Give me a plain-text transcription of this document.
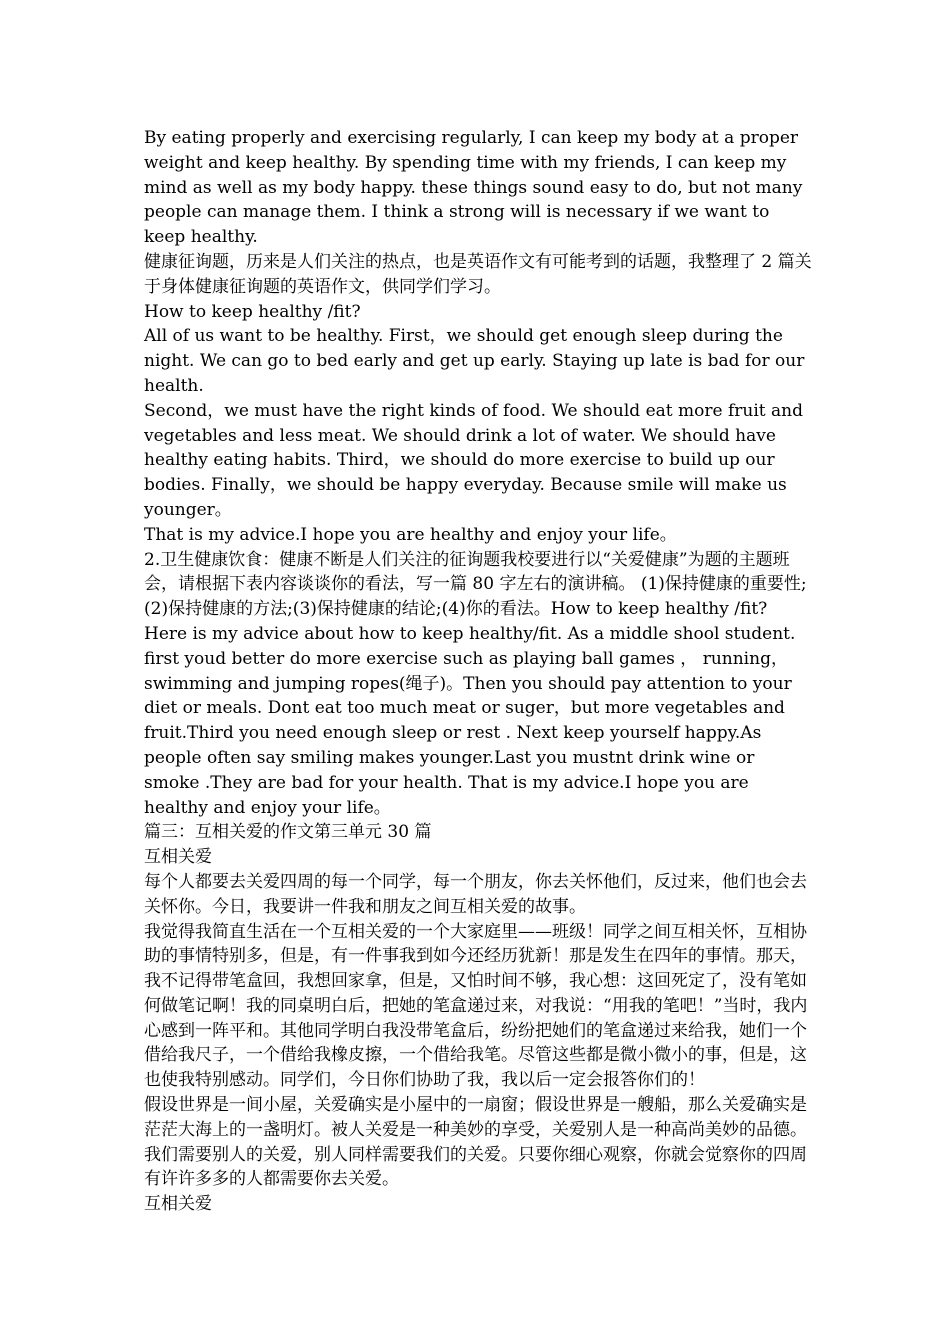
By eating properly and exercising regularly, I can keep my body at a proper weight and keep healthy. By spending time with my friends, I can keep my mind as well as my body happy. these things sound easy to do, but not many people can manage them. I think a strong will is necessary if we want to keep healthy.

健康征询题，历来是人们关注的热点，也是英语作文有可能考到的话题，我整理了 2 篇关于身体健康征询题的英语作文，供同学们学习。

How to keep healthy /fit?

All of us want to be healthy. First，we should get enough sleep during the night. We can go to bed early and get up early. Staying up late is bad for our health.

Second，we must have the right kinds of food. We should eat more fruit and vegetables and less meat. We should drink a lot of water. We should have healthy eating habits. Third，we should do more exercise to build up our bodies. Finally，we should be happy everyday. Because smile will make us younger。

That is my advice.I hope you are healthy and enjoy your life。

2.卫生健康饮食：健康不断是人们关注的征询题我校要进行以“关爱健康”为题的主题班会，请根据下表内容谈谈你的看法，写一篇 80 字左右的演讲稿。 (1)保持健康的重要性;(2)保持健康的方法;(3)保持健康的结论;(4)你的看法。How to keep healthy /fit?

Here is my advice about how to keep healthy/fit. As a middle shool student. first youd better do more exercise such as playing ball games ， running， swimming and jumping ropes(绳子)。Then you should pay attention to your diet or meals. Dont eat too much meat or suger，but more vegetables and fruit.Third you need enough sleep or rest . Next keep yourself happy.As people often say smiling makes younger.Last you mustnt drink wine or smoke .They are bad for your health. That is my advice.I hope you are healthy and enjoy your life。

篇三：互相关爱的作文第三单元 30 篇

互相关爱

每个人都要去关爱四周的每一个同学，每一个朋友，你去关怀他们，反过来，他们也会去关怀你。今日，我要讲一件我和朋友之间互相关爱的故事。

我觉得我简直生活在一个互相关爱的一个大家庭里——班级！同学之间互相关怀，互相协助的事情特别多，但是，有一件事我到如今还经历犹新！那是发生在四年的事情。那天，我不记得带笔盒回，我想回家拿，但是，又怕时间不够，我心想：这回死定了，没有笔如何做笔记啊！我的同桌明白后，把她的笔盒递过来，对我说：“用我的笔吧！”当时，我内心感到一阵平和。其他同学明白我没带笔盒后，纷纷把她们的笔盒递过来给我，她们一个借给我尺子，一个借给我橡皮擦，一个借给我笔。尽管这些都是微小微小的事，但是，这也使我特别感动。同学们，今日你们协助了我，我以后一定会报答你们的！

假设世界是一间小屋，关爱确实是小屋中的一扇窗；假设世界是一艘船，那么关爱确实是茫茫大海上的一盏明灯。被人关爱是一种美妙的享受，关爱别人是一种高尚美妙的品德。

我们需要别人的关爱，别人同样需要我们的关爱。只要你细心观察，你就会觉察你的四周有许许多多的人都需要你去关爱。

互相关爱
